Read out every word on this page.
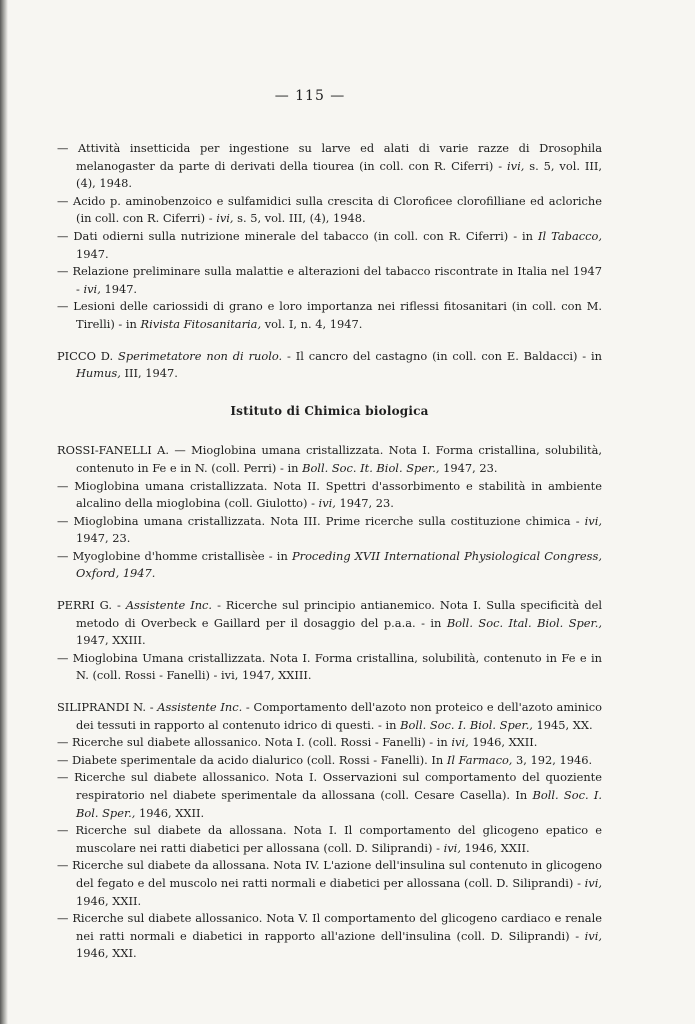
— 115 —
— Attività insetticida per ingestione su larve ed alati di varie razze di Drosophila melanogaster da parte di derivati della tiourea (in coll. con R. Ciferri) - ivi, s. 5, vol. III, (4), 1948.
— Acido p. aminobenzoico e sulfamidici sulla crescita di Cloroficee clorofilliane ed acloriche (in coll. con R. Ciferri) - ivi, s. 5, vol. III, (4), 1948.
— Dati odierni sulla nutrizione minerale del tabacco (in coll. con R. Ciferri) - in Il Tabacco, 1947.
— Relazione preliminare sulla malattie e alterazioni del tabacco riscontrate in Italia nel 1947 - ivi, 1947.
— Lesioni delle cariossidi di grano e loro importanza nei riflessi fitosanitari (in coll. con M. Tirelli) - in Rivista Fitosanitaria, vol. I, n. 4, 1947.
PICCO D. Sperimetatore non di ruolo. - Il cancro del castagno (in coll. con E. Baldacci) - in Humus, III, 1947.
Istituto di Chimica biologica
ROSSI-FANELLI A. — Mioglobina umana cristallizzata. Nota I. Forma cristallina, solubilità, contenuto in Fe e in N. (coll. Perri) - in Boll. Soc. It. Biol. Sper., 1947, 23.
— Mioglobina umana cristallizzata. Nota II. Spettri d'assorbimento e stabilità in ambiente alcalino della mioglobina (coll. Giulotto) - ivi, 1947, 23.
— Mioglobina umana cristallizzata. Nota III. Prime ricerche sulla costituzione chimica - ivi, 1947, 23.
— Myoglobine d'homme cristallisèe - in Proceding XVII International Physiological Congress, Oxford, 1947.
PERRI G. - Assistente Inc. - Ricerche sul principio antianemico. Nota I. Sulla specificità del metodo di Overbeck e Gaillard per il dosaggio del p.a.a. - in Boll. Soc. Ital. Biol. Sper., 1947, XXIII.
— Mioglobina Umana cristallizzata. Nota I. Forma cristallina, solubilità, contenuto in Fe e in N. (coll. Rossi - Fanelli) - ivi, 1947, XXIII.
SILIPRANDI N. - Assistente Inc. - Comportamento dell'azoto non proteico e dell'azoto aminico dei tessuti in rapporto al contenuto idrico di questi. - in Boll. Soc. I. Biol. Sper., 1945, XX.
— Ricerche sul diabete allossanico. Nota I. (coll. Rossi - Fanelli) - in ivi, 1946, XXII.
— Diabete sperimentale da acido dialurico (coll. Rossi - Fanelli). In Il Farmaco, 3, 192, 1946.
— Ricerche sul diabete allossanico. Nota I. Osservazioni sul comportamento del quoziente respiratorio nel diabete sperimentale da allossana (coll. Cesare Casella). In Boll. Soc. I. Bol. Sper., 1946, XXII.
— Ricerche sul diabete da allossana. Nota I. Il comportamento del glicogeno epatico e muscolare nei ratti diabetici per allossana (coll. D. Siliprandi) - ivi, 1946, XXII.
— Ricerche sul diabete da allossana. Nota IV. L'azione dell'insulina sul contenuto in glicogeno del fegato e del muscolo nei ratti normali e diabetici per allossana (coll. D. Siliprandi) - ivi, 1946, XXII.
— Ricerche sul diabete allossanico. Nota V. Il comportamento del glicogeno cardiaco e renale nei ratti normali e diabetici in rapporto all'azione dell'insulina (coll. D. Siliprandi) - ivi, 1946, XXI.
